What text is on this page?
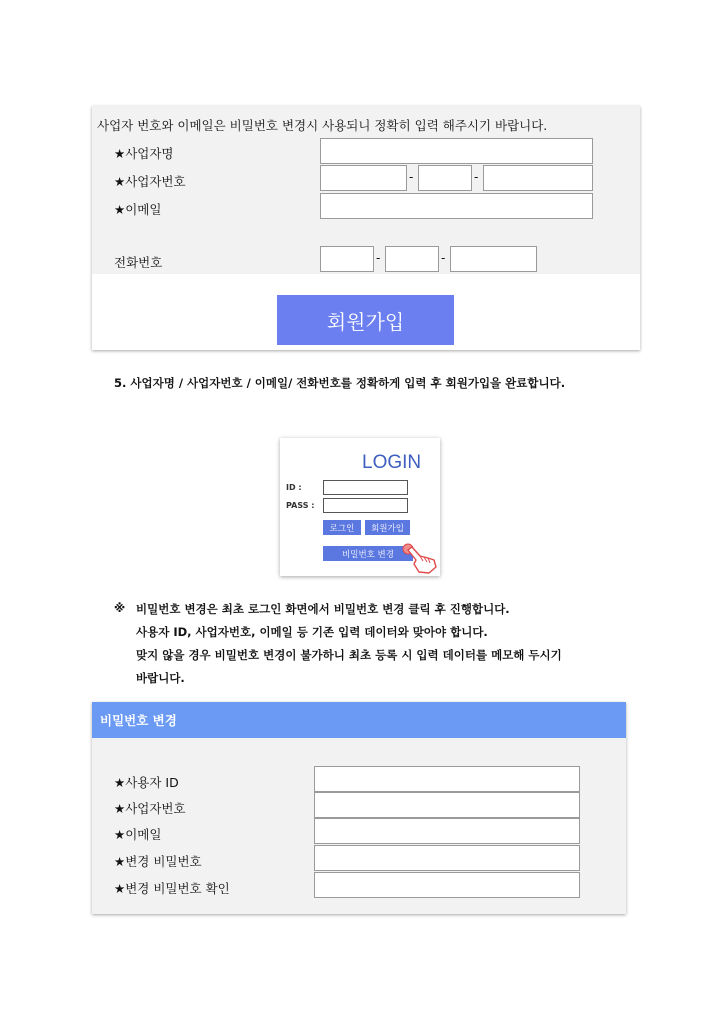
사업자 번호와 이메일은 비밀번호 변경시 사용되니 정확히 입력 해주시기 바랍니다.
★사업자명
★사업자번호	-	-
★이메일
전화번호	-	-
회원가입
5. 사업자명 / 사업자번호 / 이메일/ 전화번호를 정확하게 입력 후 회원가입을 완료합니다.
LOGIN
ID :
PASS :
로그인	회원가입
비밀번호 변경
※ 비밀번호 변경은 최초 로그인 화면에서 비밀번호 변경 클릭 후 진행합니다.
사용자 ID, 사업자번호, 이메일 등 기존 입력 데이터와 맞아야 합니다.
맞지 않을 경우 비밀번호 변경이 불가하니 최초 등록 시 입력 데이터를 메모해 두시기
바랍니다.
비밀번호 변경
★사용자 ID
★사업자번호
★이메일
★변경 비밀번호
★변경 비밀번호 확인
